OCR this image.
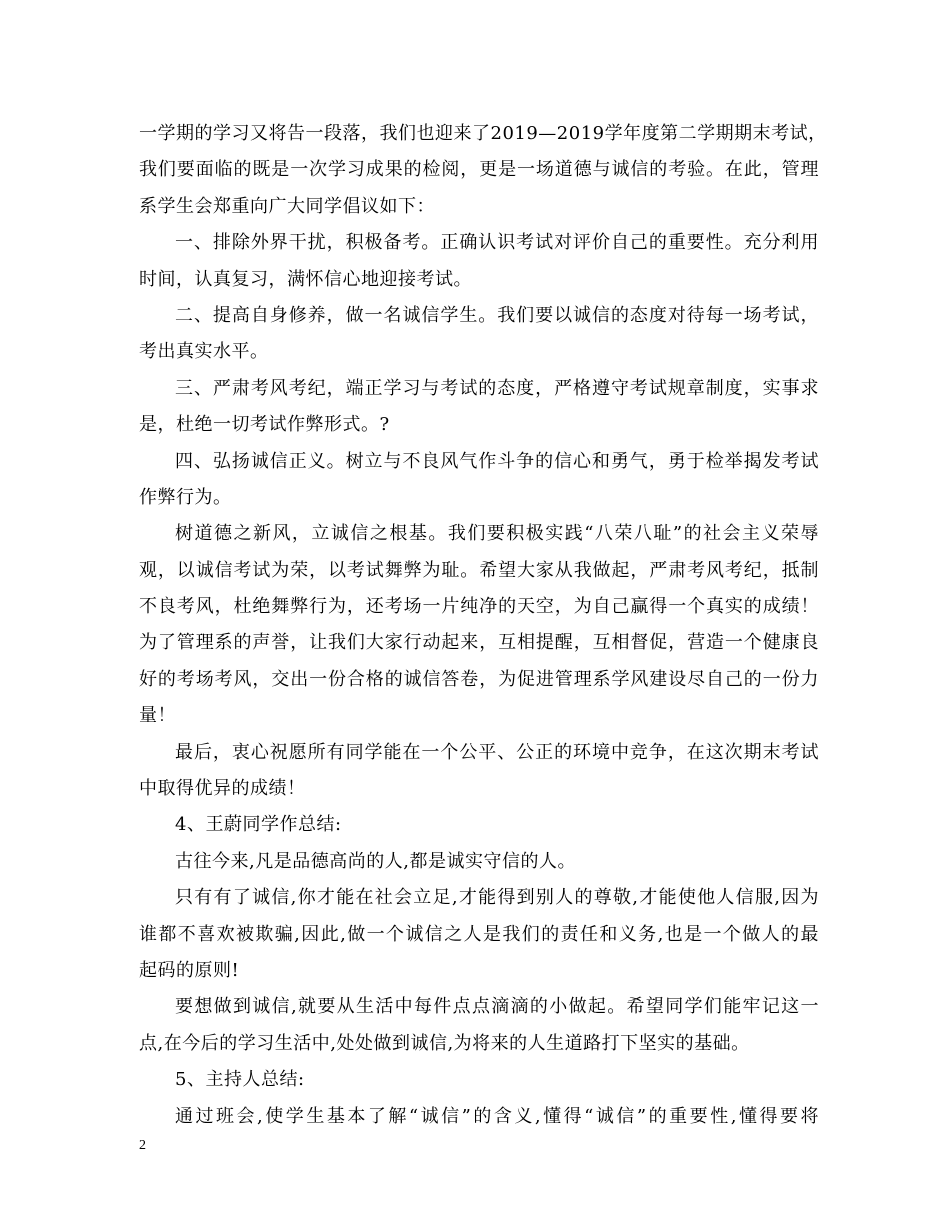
一学期的学习又将告一段落，我们也迎来了2019—2019学年度第二学期期末考试，
我们要面临的既是一次学习成果的检阅，更是一场道德与诚信的考验。在此，管理
系学生会郑重向广大同学倡议如下：
一、排除外界干扰，积极备考。正确认识考试对评价自己的重要性。充分利用
时间，认真复习，满怀信心地迎接考试。
二、提高自身修养，做一名诚信学生。我们要以诚信的态度对待每一场考试，
考出真实水平。
三、严肃考风考纪，端正学习与考试的态度，严格遵守考试规章制度，实事求
是，杜绝一切考试作弊形式。?
四、弘扬诚信正义。树立与不良风气作斗争的信心和勇气，勇于检举揭发考试
作弊行为。
树道德之新风，立诚信之根基。我们要积极实践“八荣八耻”的社会主义荣辱
观，以诚信考试为荣，以考试舞弊为耻。希望大家从我做起，严肃考风考纪，抵制
不良考风，杜绝舞弊行为，还考场一片纯净的天空，为自己赢得一个真实的成绩！
为了管理系的声誉，让我们大家行动起来，互相提醒，互相督促，营造一个健康良
好的考场考风，交出一份合格的诚信答卷，为促进管理系学风建设尽自己的一份力
量！
最后，衷心祝愿所有同学能在一个公平、公正的环境中竞争，在这次期末考试
中取得优异的成绩！
4、王蔚同学作总结:
古往今来,凡是品德高尚的人,都是诚实守信的人。
只有有了诚信,你才能在社会立足,才能得到别人的尊敬,才能使他人信服,因为
谁都不喜欢被欺骗,因此,做一个诚信之人是我们的责任和义务,也是一个做人的最
起码的原则!
要想做到诚信,就要从生活中每件点点滴滴的小做起。希望同学们能牢记这一
点,在今后的学习生活中,处处做到诚信,为将来的人生道路打下坚实的基础。
5、主持人总结:
通过班会,使学生基本了解“诚信”的含义,懂得“诚信”的重要性,懂得要将
2
